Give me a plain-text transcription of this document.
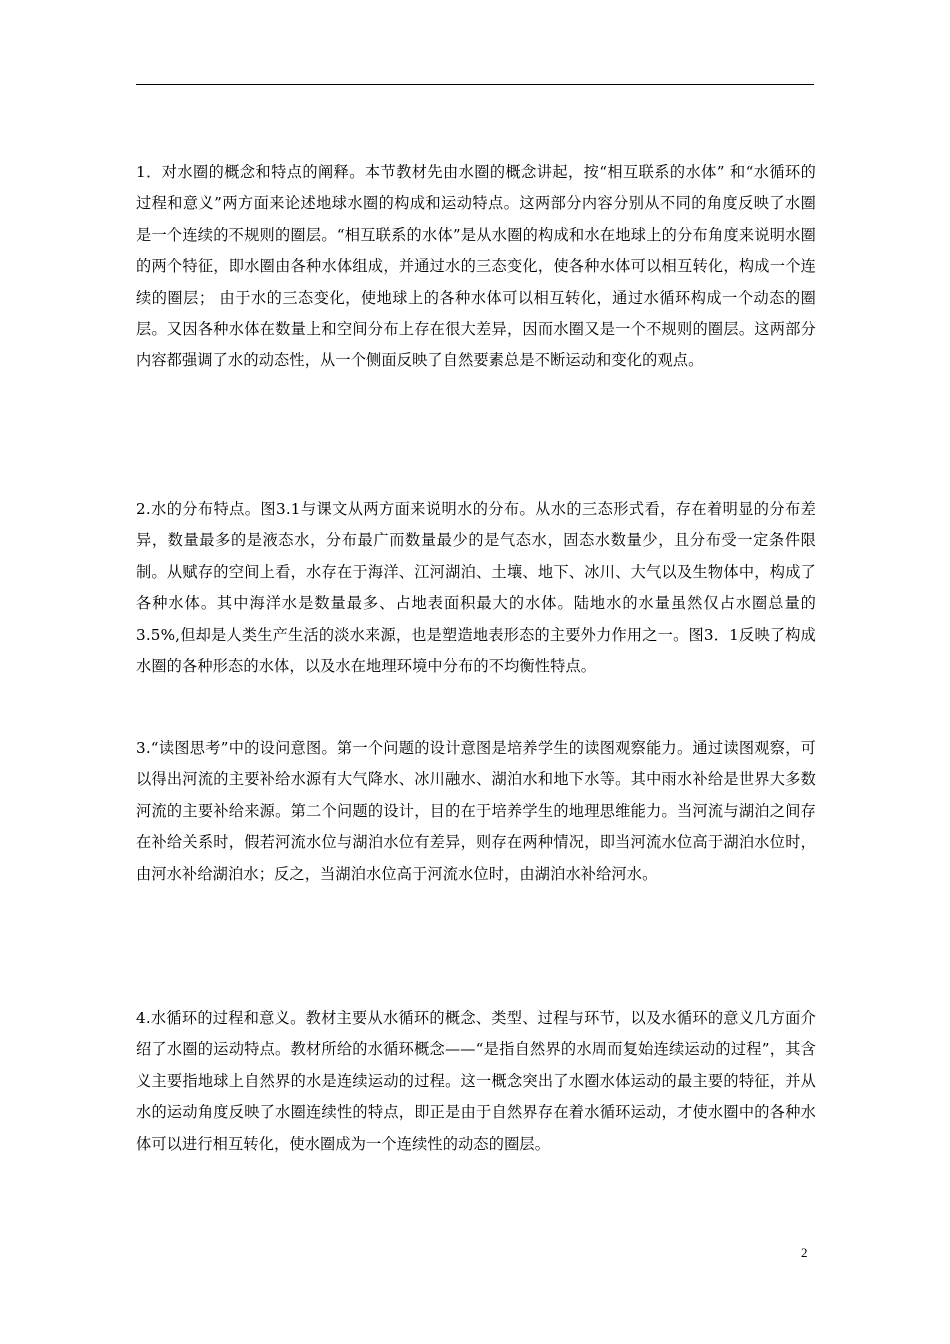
1．对水圈的概念和特点的阐释。本节教材先由水圈的概念讲起，按“相互联系的水体” 和“水循环的过程和意义”两方面来论述地球水圈的构成和运动特点。这两部分内容分别从不同的角度反映了水圈是一个连续的不规则的圈层。“相互联系的水体”是从水圈的构成和水在地球上的分布角度来说明水圈的两个特征，即水圈由各种水体组成，并通过水的三态变化，使各种水体可以相互转化，构成一个连续的圈层； 由于水的三态变化，使地球上的各种水体可以相互转化，通过水循环构成一个动态的圈层。又因各种水体在数量上和空间分布上存在很大差异，因而水圈又是一个不规则的圈层。这两部分内容都强调了水的动态性，从一个侧面反映了自然要素总是不断运动和变化的观点。

2.水的分布特点。图3.1与课文从两方面来说明水的分布。从水的三态形式看，存在着明显的分布差异，数量最多的是液态水，分布最广而数量最少的是气态水，固态水数量少，且分布受一定条件限制。从赋存的空间上看，水存在于海洋、江河湖泊、土壤、地下、冰川、大气以及生物体中，构成了各种水体。其中海洋水是数量最多、占地表面积最大的水体。陆地水的水量虽然仅占水圈总量的3.5%,但却是人类生产生活的淡水来源，也是塑造地表形态的主要外力作用之一。图3．1反映了构成水圈的各种形态的水体，以及水在地理环境中分布的不均衡性特点。

3.“读图思考”中的设问意图。第一个问题的设计意图是培养学生的读图观察能力。通过读图观察，可以得出河流的主要补给水源有大气降水、冰川融水、湖泊水和地下水等。其中雨水补给是世界大多数河流的主要补给来源。第二个问题的设计，目的在于培养学生的地理思维能力。当河流与湖泊之间存在补给关系时，假若河流水位与湖泊水位有差异，则存在两种情况，即当河流水位高于湖泊水位时，由河水补给湖泊水；反之，当湖泊水位高于河流水位时，由湖泊水补给河水。

4.水循环的过程和意义。教材主要从水循环的概念、类型、过程与环节，以及水循环的意义几方面介绍了水圈的运动特点。教材所给的水循环概念——“是指自然界的水周而复始连续运动的过程”，其含义主要指地球上自然界的水是连续运动的过程。这一概念突出了水圈水体运动的最主要的特征，并从水的运动角度反映了水圈连续性的特点，即正是由于自然界存在着水循环运动，才使水圈中的各种水体可以进行相互转化，使水圈成为一个连续性的动态的圈层。

2
